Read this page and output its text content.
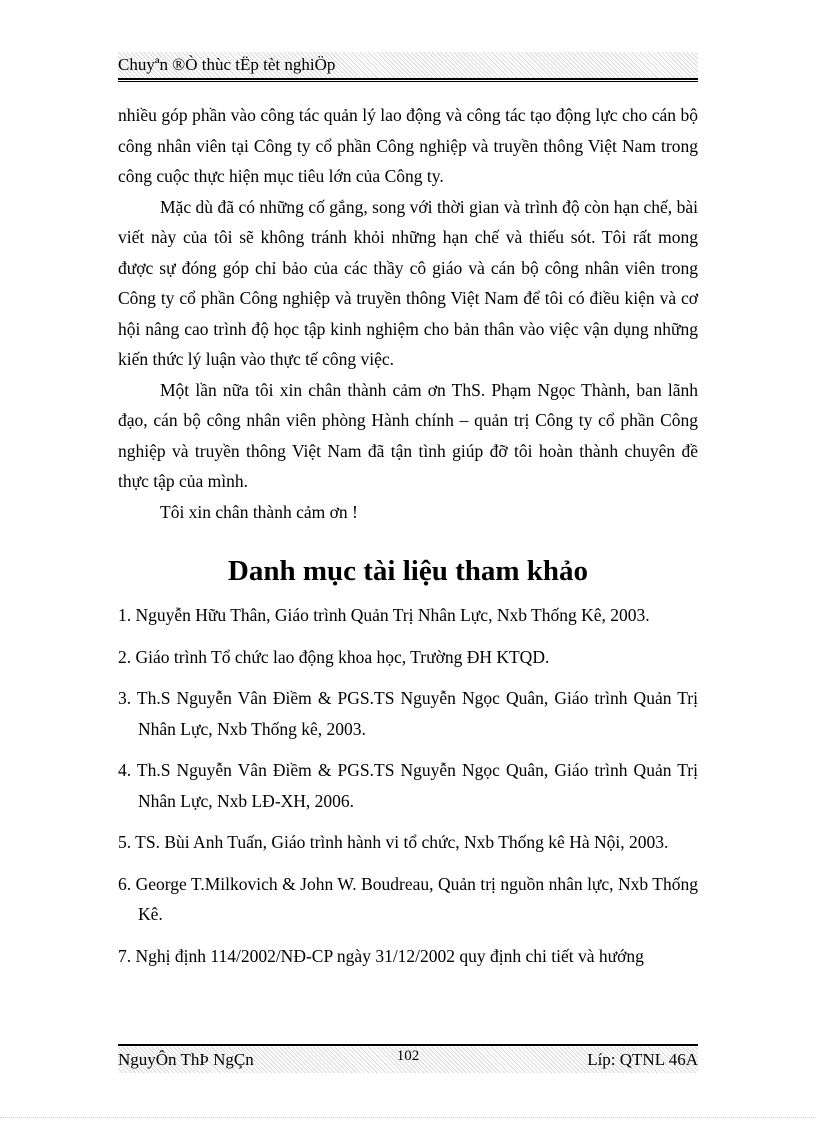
Chuyªn ®Ò thùc tËp tèt nghiÖp

nhiều góp phần vào công tác quản lý lao động và công tác tạo động lực cho cán bộ công nhân viên tại Công ty cổ phần Công nghiệp và truyền thông Việt Nam trong công cuộc thực hiện mục tiêu lớn của Công ty.

Mặc dù đã có những cố gắng, song với thời gian và trình độ còn hạn chế, bài viết này của tôi sẽ không tránh khỏi những hạn chế và thiếu sót. Tôi rất mong được sự đóng góp chỉ bảo của các thầy cô giáo và cán bộ công nhân viên trong Công ty cổ phần Công nghiệp và truyền thông Việt Nam để tôi có điều kiện và cơ hội nâng cao trình độ học tập kinh nghiệm cho bản thân vào việc vận dụng những kiến thức lý luận vào thực tế công việc.

Một lần nữa tôi xin chân thành cảm ơn ThS. Phạm Ngọc Thành, ban lãnh đạo, cán bộ công nhân viên phòng Hành chính – quản trị Công ty cổ phần Công nghiệp và truyền thông Việt Nam đã tận tình giúp đỡ tôi hoàn thành chuyên đề thực tập của mình.

Tôi xin chân thành cảm ơn !

Danh mục tài liệu tham khảo
1. Nguyễn Hữu Thân, Giáo trình Quản Trị Nhân Lực, Nxb Thống Kê, 2003.
2. Giáo trình Tổ chức lao động khoa học, Trường ĐH KTQD.
3. Th.S Nguyễn Vân Điềm & PGS.TS Nguyễn Ngọc Quân, Giáo trình Quản Trị Nhân Lực, Nxb Thống kê, 2003.
4. Th.S Nguyễn Vân Điềm & PGS.TS Nguyễn Ngọc Quân, Giáo trình Quản Trị Nhân Lực, Nxb LĐ-XH, 2006.
5. TS. Bùi Anh Tuấn, Giáo trình hành vi tổ chức, Nxb Thống kê Hà Nội, 2003.
6. George T.Milkovich & John W. Boudreau, Quản trị nguồn nhân lực, Nxb Thống Kê.
7. Nghị định 114/2002/NĐ-CP ngày 31/12/2002 quy định chi tiết và hướng
NguyÔn ThÞ NgÇn	102	Líp: QTNL 46A
